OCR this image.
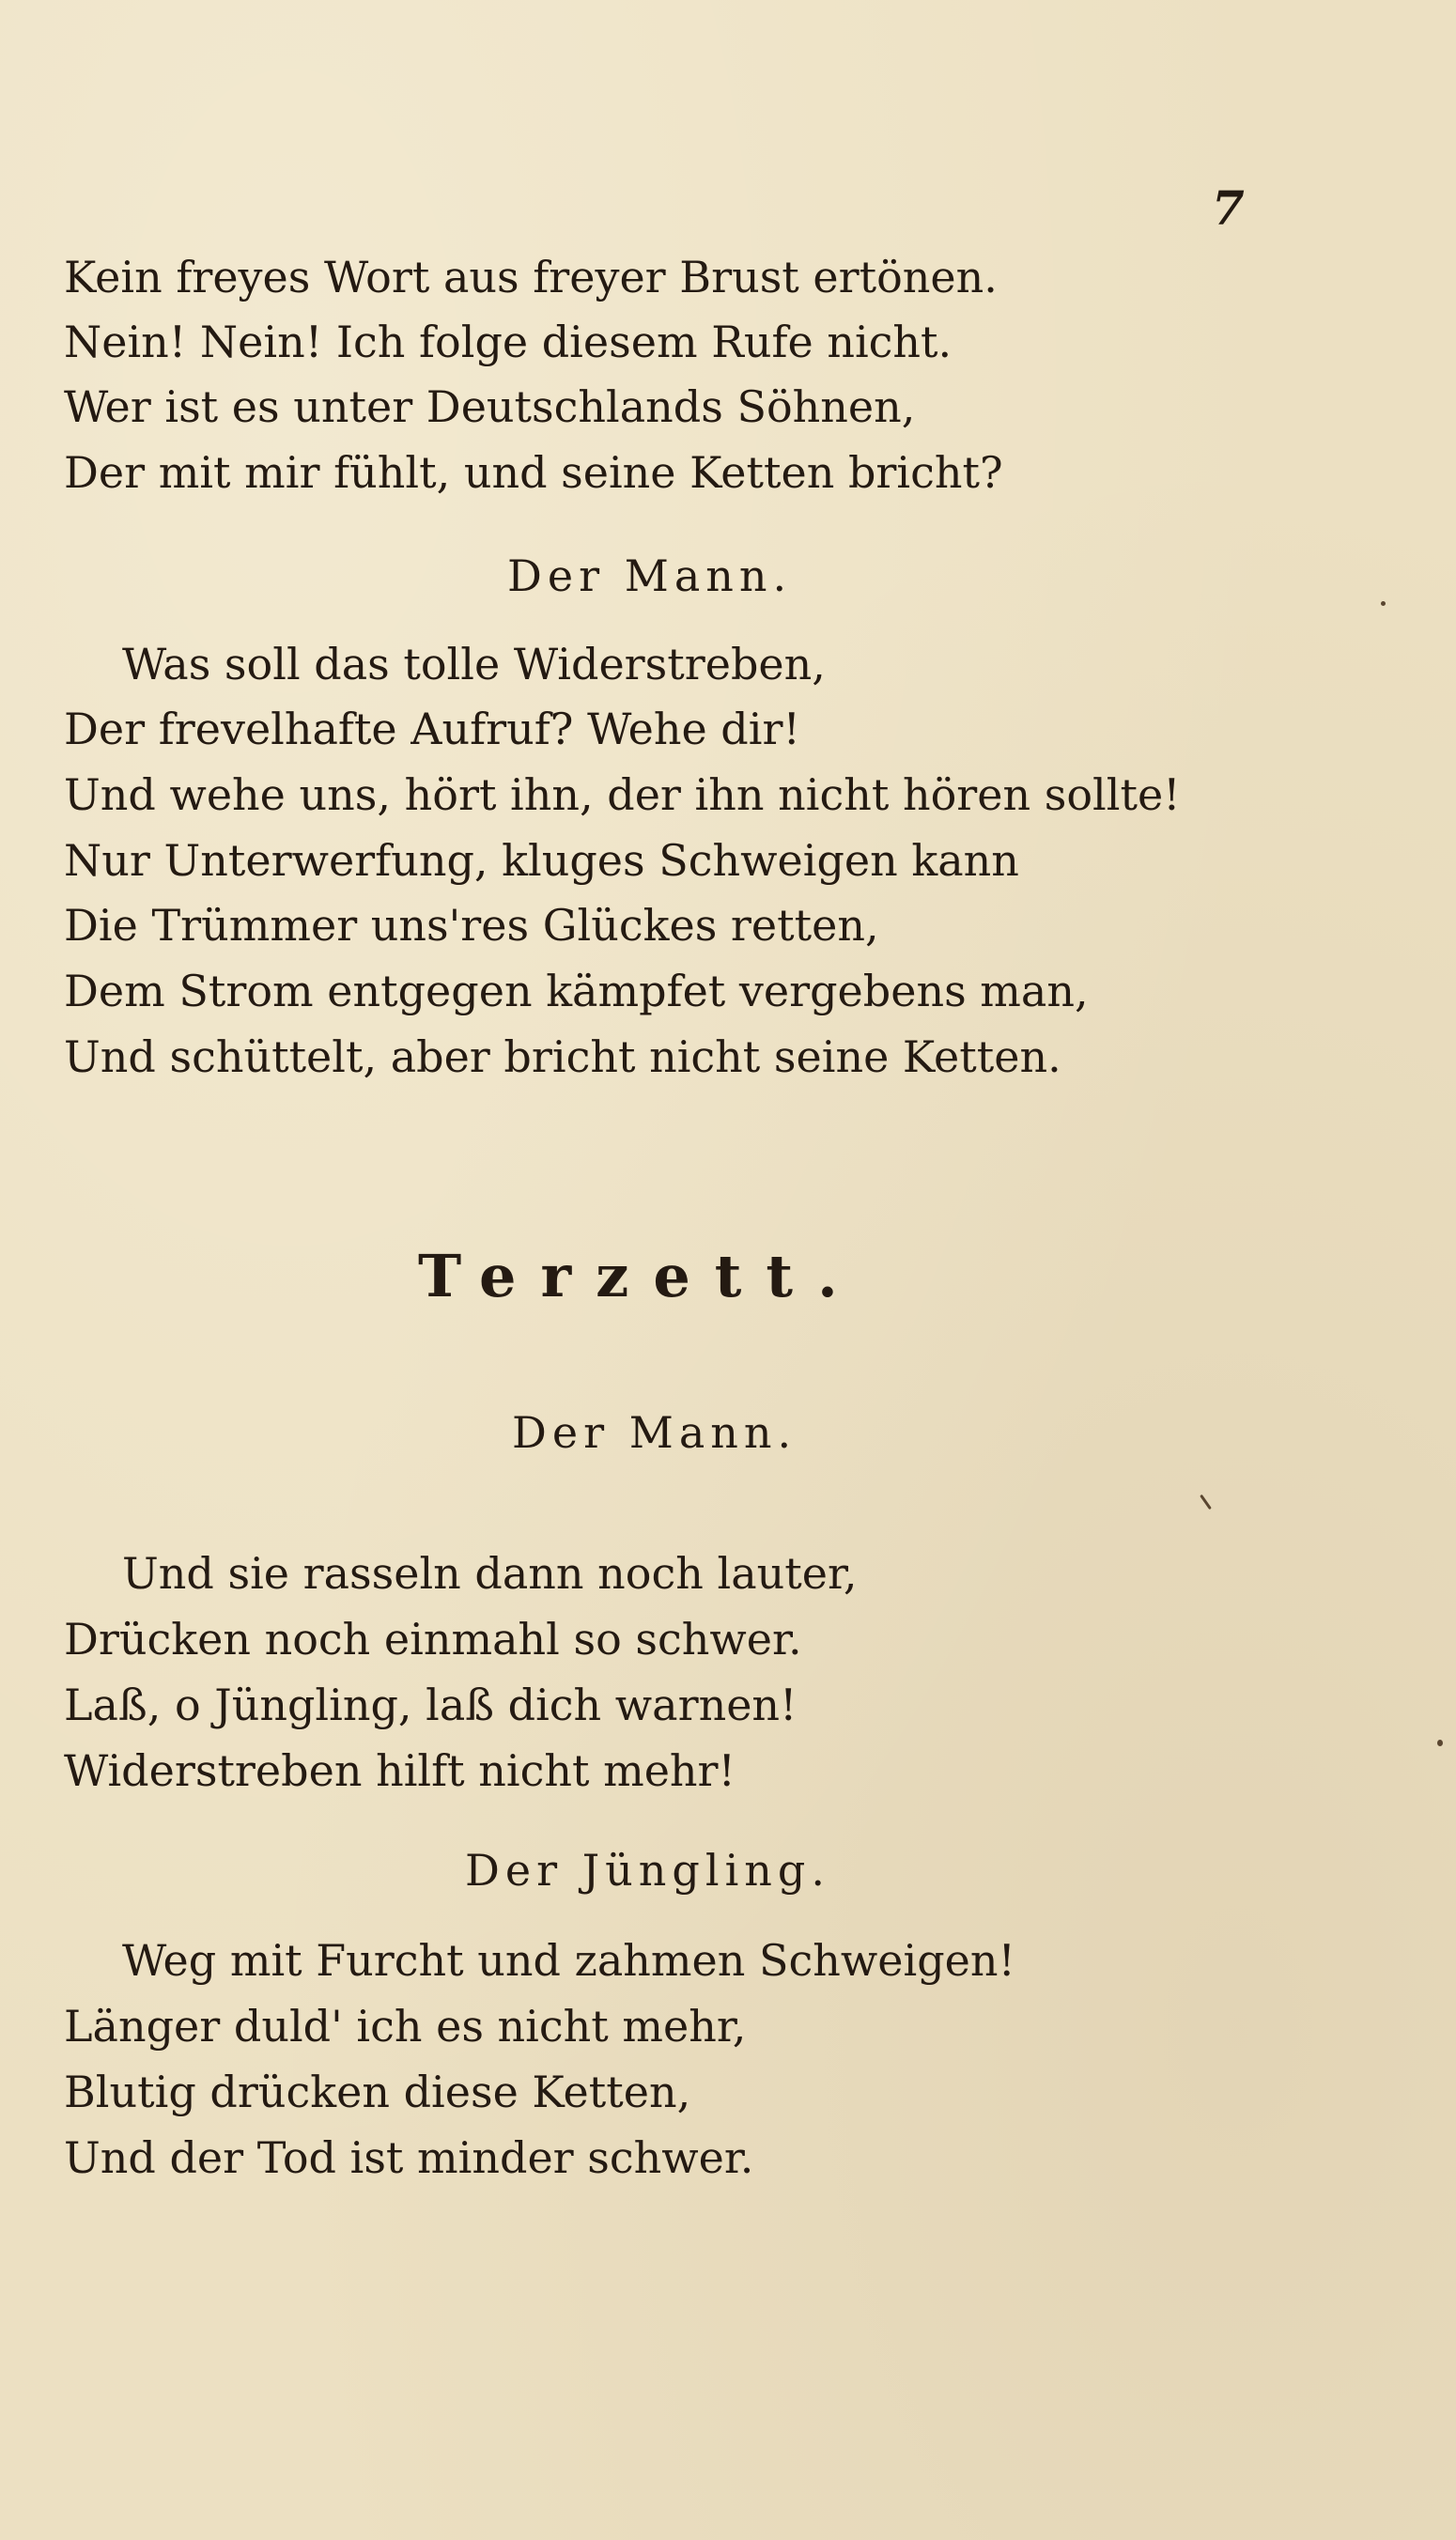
7
Kein freyes Wort aus freyer Brust ertönen.
Nein! Nein! Ich folge diesem Rufe nicht.
Wer ist es unter Deutschlands Söhnen,
Der mit mir fühlt, und seine Ketten bricht?
Der Mann.
Was soll das tolle Widerstreben,
Der frevelhafte Aufruf? Wehe dir!
Und wehe uns, hört ihn, der ihn nicht hören sollte!
Nur Unterwerfung, kluges Schweigen kann
Die Trümmer uns'res Glückes retten,
Dem Strom entgegen kämpfet vergebens man,
Und schüttelt, aber bricht nicht seine Ketten.
Terzett.
Der Mann.
Und sie rasseln dann noch lauter,
Drücken noch einmahl so schwer.
Laß, o Jüngling, laß dich warnen!
Widerstreben hilft nicht mehr!
Der Jüngling.
Weg mit Furcht und zahmen Schweigen!
Länger duld' ich es nicht mehr,
Blutig drücken diese Ketten,
Und der Tod ist minder schwer.
